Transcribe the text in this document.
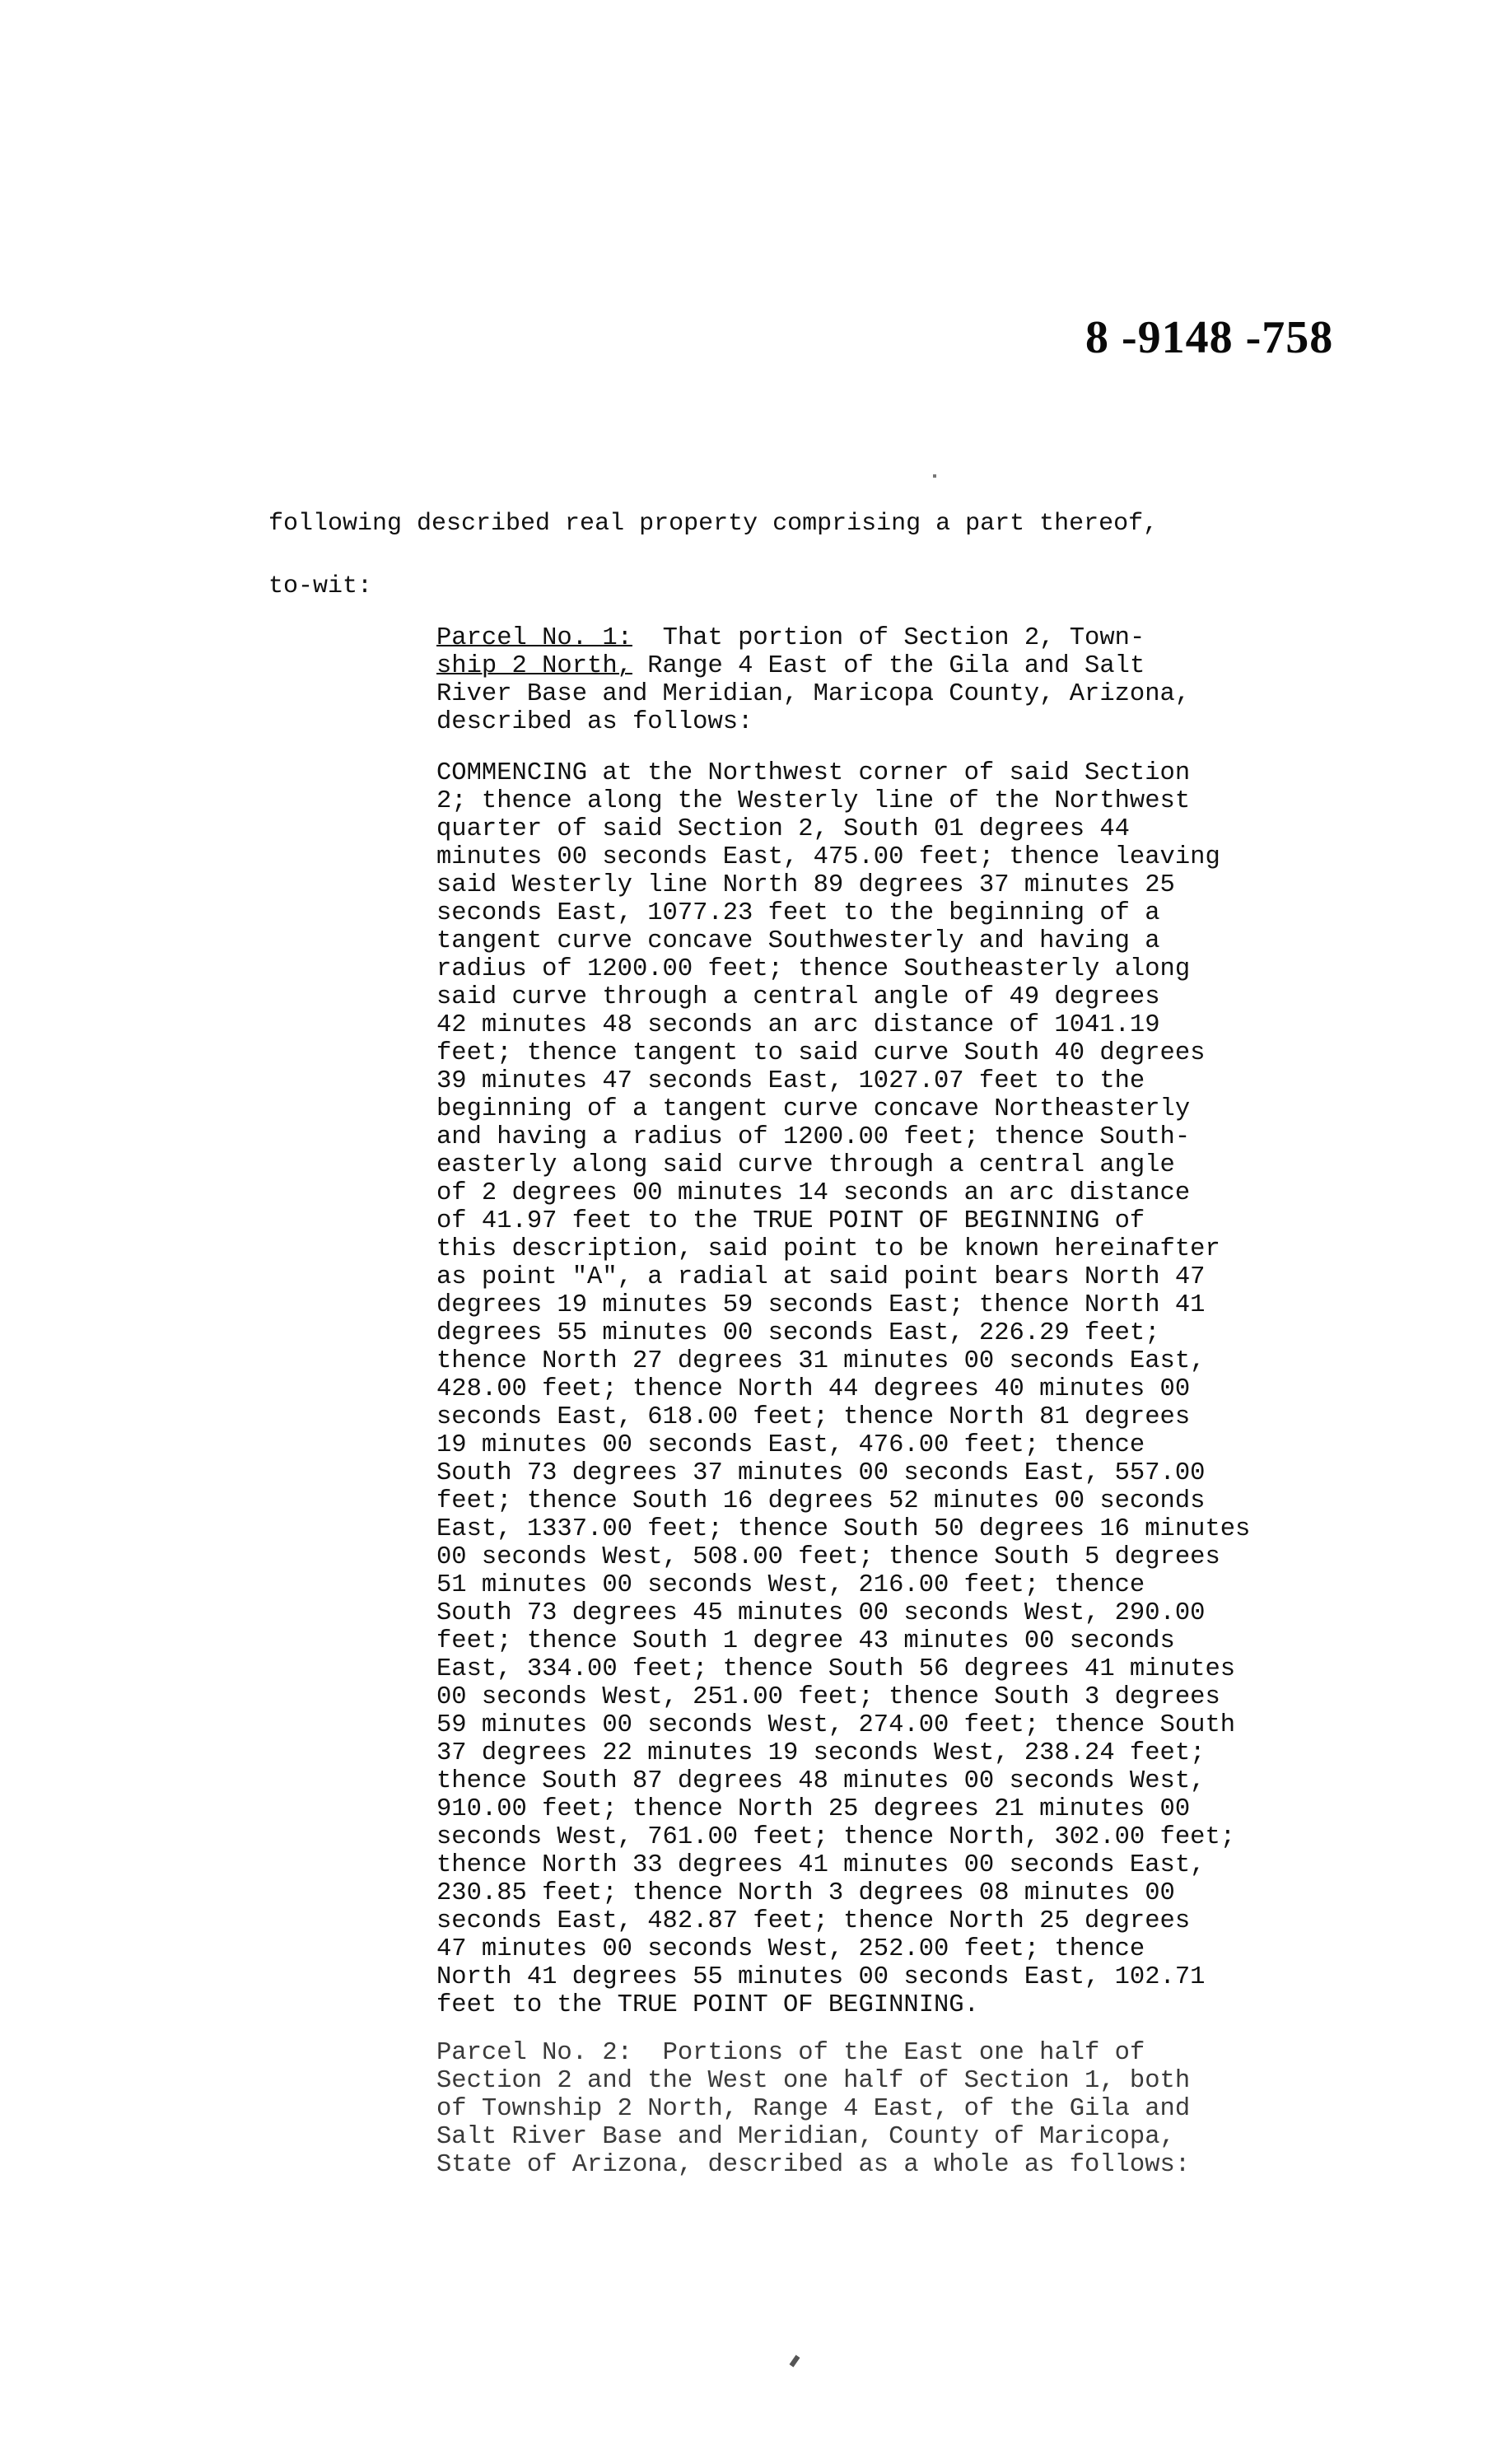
8 -9148 -758
following described real property comprising a part thereof,
to-wit:
Parcel No. 1: That portion of Section 2, Town-
ship 2 North, Range 4 East of the Gila and Salt
River Base and Meridian, Maricopa County, Arizona,
described as follows:
COMMENCING at the Northwest corner of said Section
2; thence along the Westerly line of the Northwest
quarter of said Section 2, South 01 degrees 44
minutes 00 seconds East, 475.00 feet; thence leaving
said Westerly line North 89 degrees 37 minutes 25
seconds East, 1077.23 feet to the beginning of a
tangent curve concave Southwesterly and having a
radius of 1200.00 feet; thence Southeasterly along
said curve through a central angle of 49 degrees
42 minutes 48 seconds an arc distance of 1041.19
feet; thence tangent to said curve South 40 degrees
39 minutes 47 seconds East, 1027.07 feet to the
beginning of a tangent curve concave Northeasterly
and having a radius of 1200.00 feet; thence South-
easterly along said curve through a central angle
of 2 degrees 00 minutes 14 seconds an arc distance
of 41.97 feet to the TRUE POINT OF BEGINNING of
this description, said point to be known hereinafter
as point "A", a radial at said point bears North 47
degrees 19 minutes 59 seconds East; thence North 41
degrees 55 minutes 00 seconds East, 226.29 feet;
thence North 27 degrees 31 minutes 00 seconds East,
428.00 feet; thence North 44 degrees 40 minutes 00
seconds East, 618.00 feet; thence North 81 degrees
19 minutes 00 seconds East, 476.00 feet; thence
South 73 degrees 37 minutes 00 seconds East, 557.00
feet; thence South 16 degrees 52 minutes 00 seconds
East, 1337.00 feet; thence South 50 degrees 16 minutes
00 seconds West, 508.00 feet; thence South 5 degrees
51 minutes 00 seconds West, 216.00 feet; thence
South 73 degrees 45 minutes 00 seconds West, 290.00
feet; thence South 1 degree 43 minutes 00 seconds
East, 334.00 feet; thence South 56 degrees 41 minutes
00 seconds West, 251.00 feet; thence South 3 degrees
59 minutes 00 seconds West, 274.00 feet; thence South
37 degrees 22 minutes 19 seconds West, 238.24 feet;
thence South 87 degrees 48 minutes 00 seconds West,
910.00 feet; thence North 25 degrees 21 minutes 00
seconds West, 761.00 feet; thence North, 302.00 feet;
thence North 33 degrees 41 minutes 00 seconds East,
230.85 feet; thence North 3 degrees 08 minutes 00
seconds East, 482.87 feet; thence North 25 degrees
47 minutes 00 seconds West, 252.00 feet; thence
North 41 degrees 55 minutes 00 seconds East, 102.71
feet to the TRUE POINT OF BEGINNING.
Parcel No. 2: Portions of the East one half of
Section 2 and the West one half of Section 1, both
of Township 2 North, Range 4 East, of the Gila and
Salt River Base and Meridian, County of Maricopa,
State of Arizona, described as a whole as follows:
